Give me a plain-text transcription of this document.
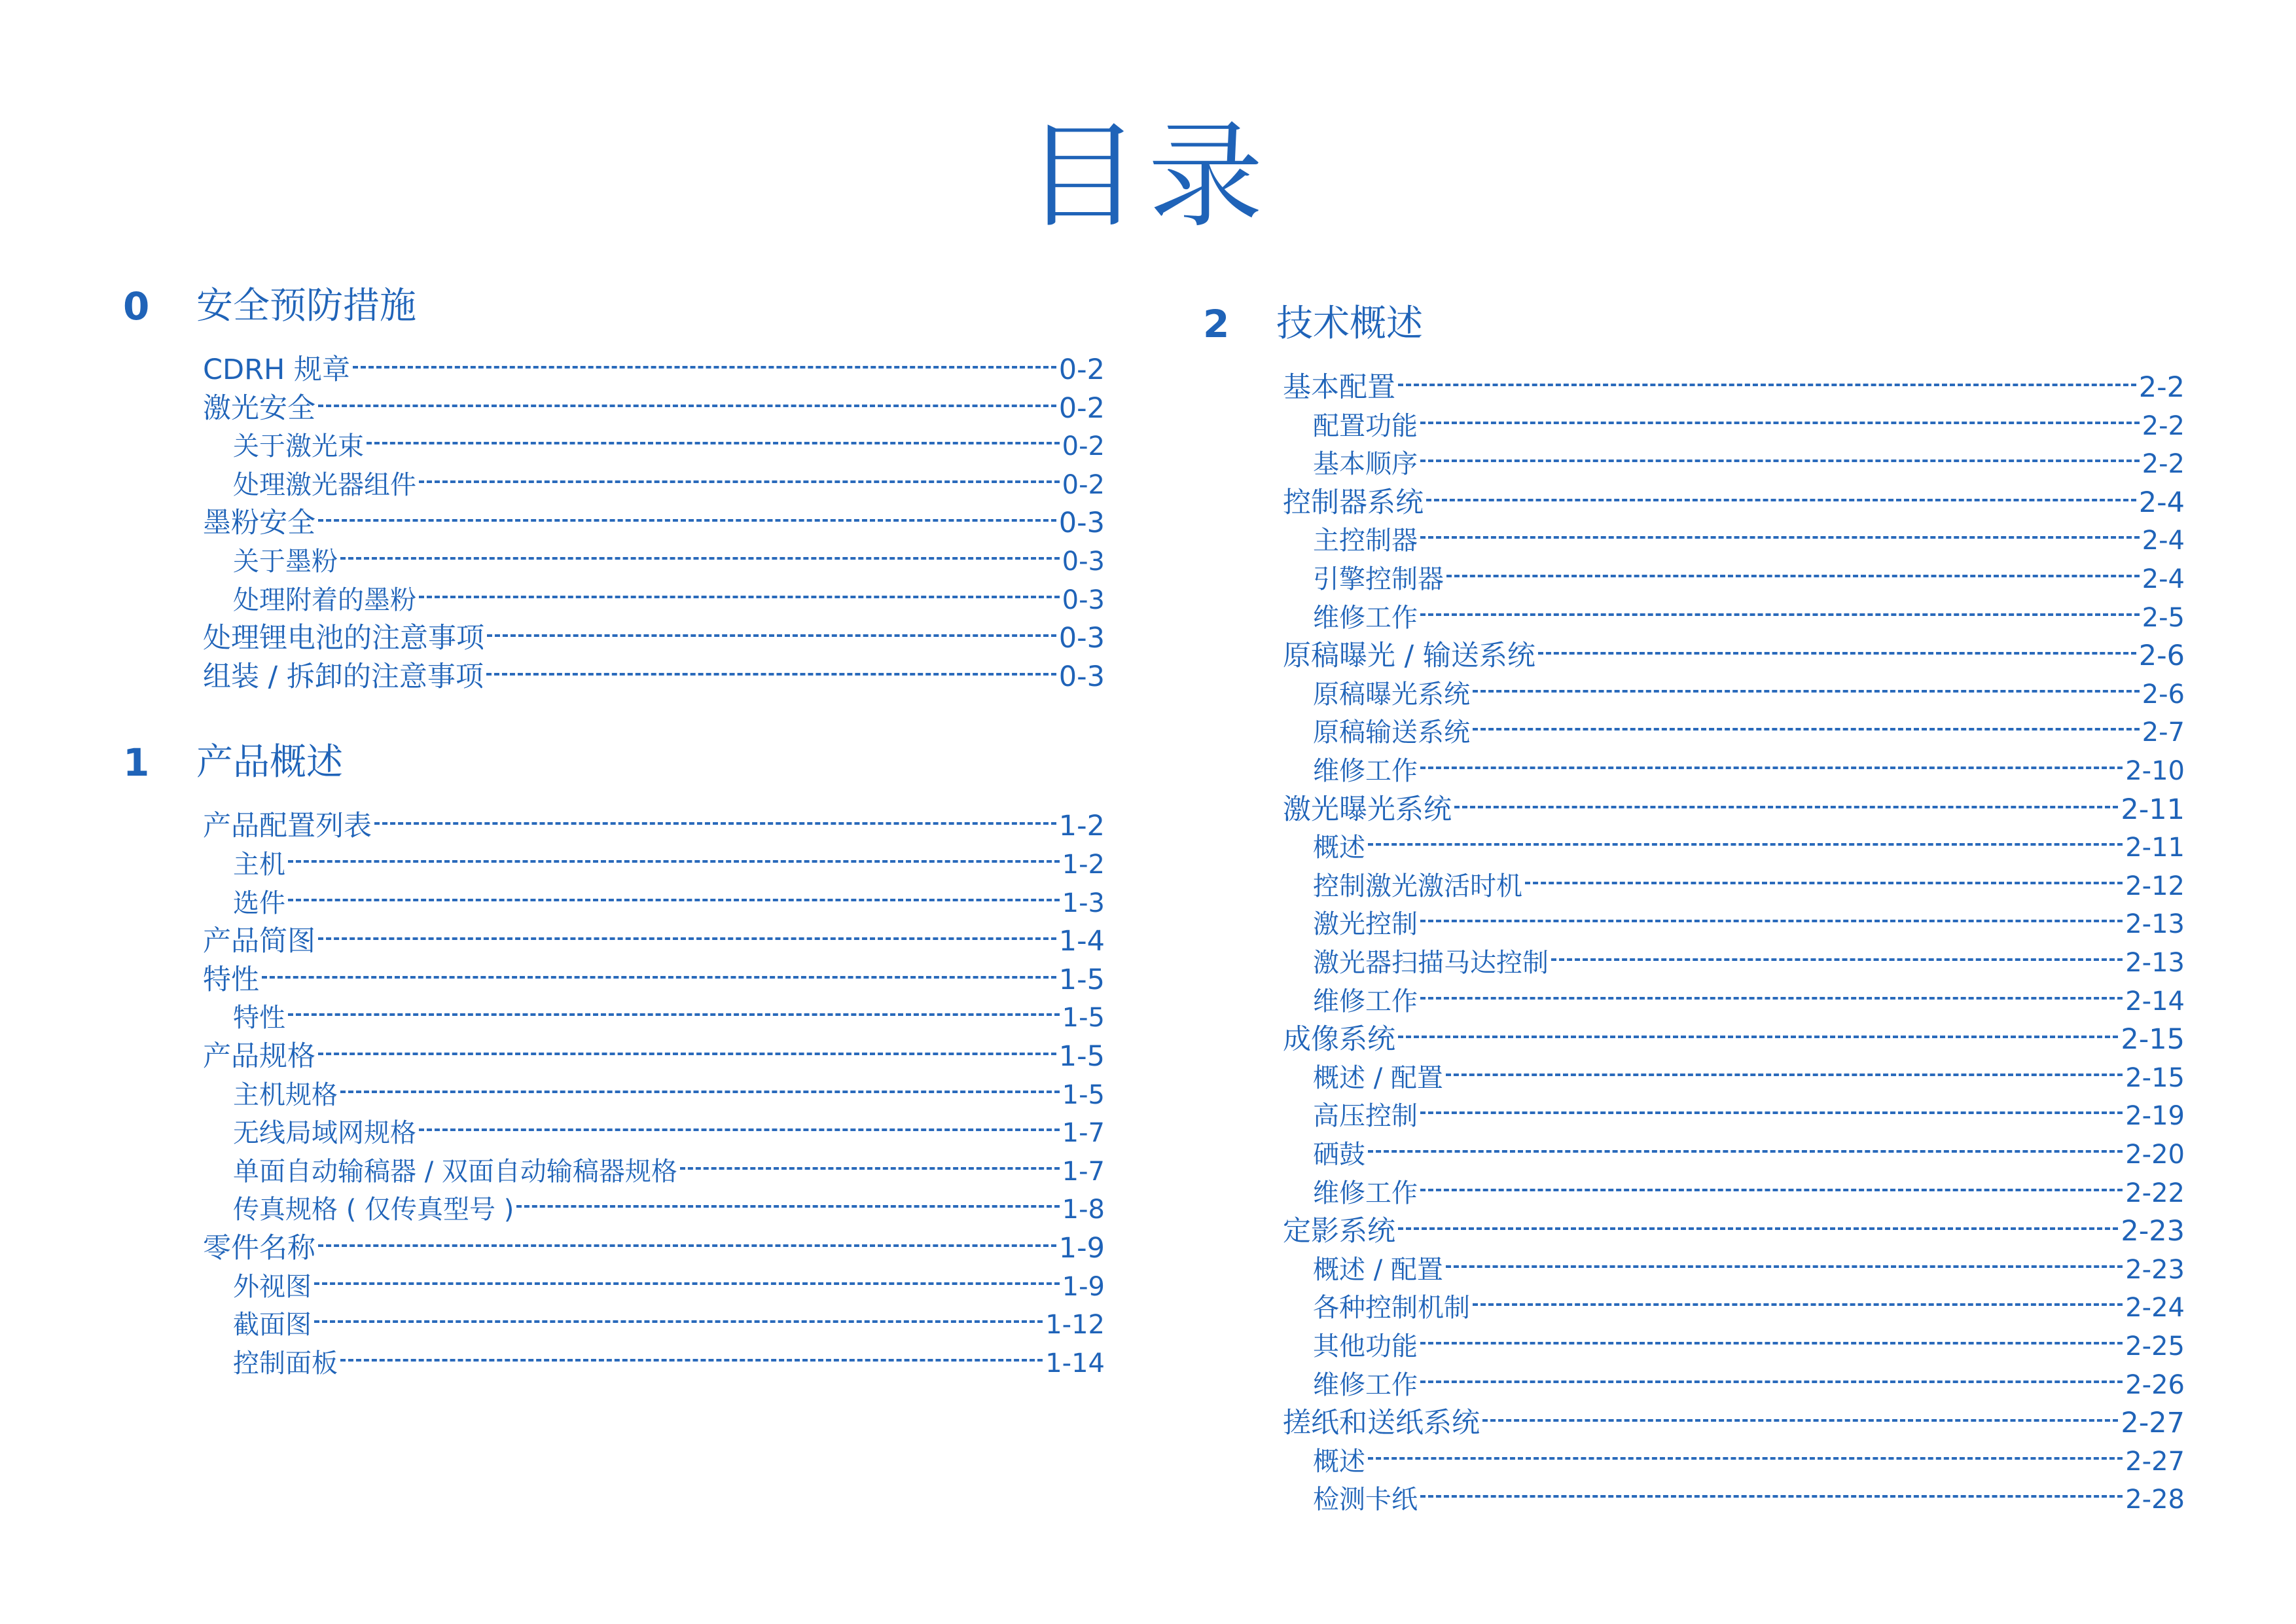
目录
0	安全预防措施
CDRH 规章	0-2
激光安全	0-2
关于激光束	0-2
处理激光器组件	0-2
墨粉安全	0-3
关于墨粉	0-3
处理附着的墨粉	0-3
处理锂电池的注意事项	0-3
组装 / 拆卸的注意事项	0-3
1	产品概述
产品配置列表	1-2
主机	1-2
选件	1-3
产品简图	1-4
特性	1-5
特性	1-5
产品规格	1-5
主机规格	1-5
无线局域网规格	1-7
单面自动输稿器 / 双面自动输稿器规格	1-7
传真规格 ( 仅传真型号 )	1-8
零件名称	1-9
外视图	1-9
截面图	1-12
控制面板	1-14
2	技术概述
基本配置	2-2
配置功能	2-2
基本顺序	2-2
控制器系统	2-4
主控制器	2-4
引擎控制器	2-4
维修工作	2-5
原稿曝光 / 输送系统	2-6
原稿曝光系统	2-6
原稿输送系统	2-7
维修工作	2-10
激光曝光系统	2-11
概述	2-11
控制激光激活时机	2-12
激光控制	2-13
激光器扫描马达控制	2-13
维修工作	2-14
成像系统	2-15
概述 / 配置	2-15
高压控制	2-19
硒鼓	2-20
维修工作	2-22
定影系统	2-23
概述 / 配置	2-23
各种控制机制	2-24
其他功能	2-25
维修工作	2-26
搓纸和送纸系统	2-27
概述	2-27
检测卡纸	2-28
